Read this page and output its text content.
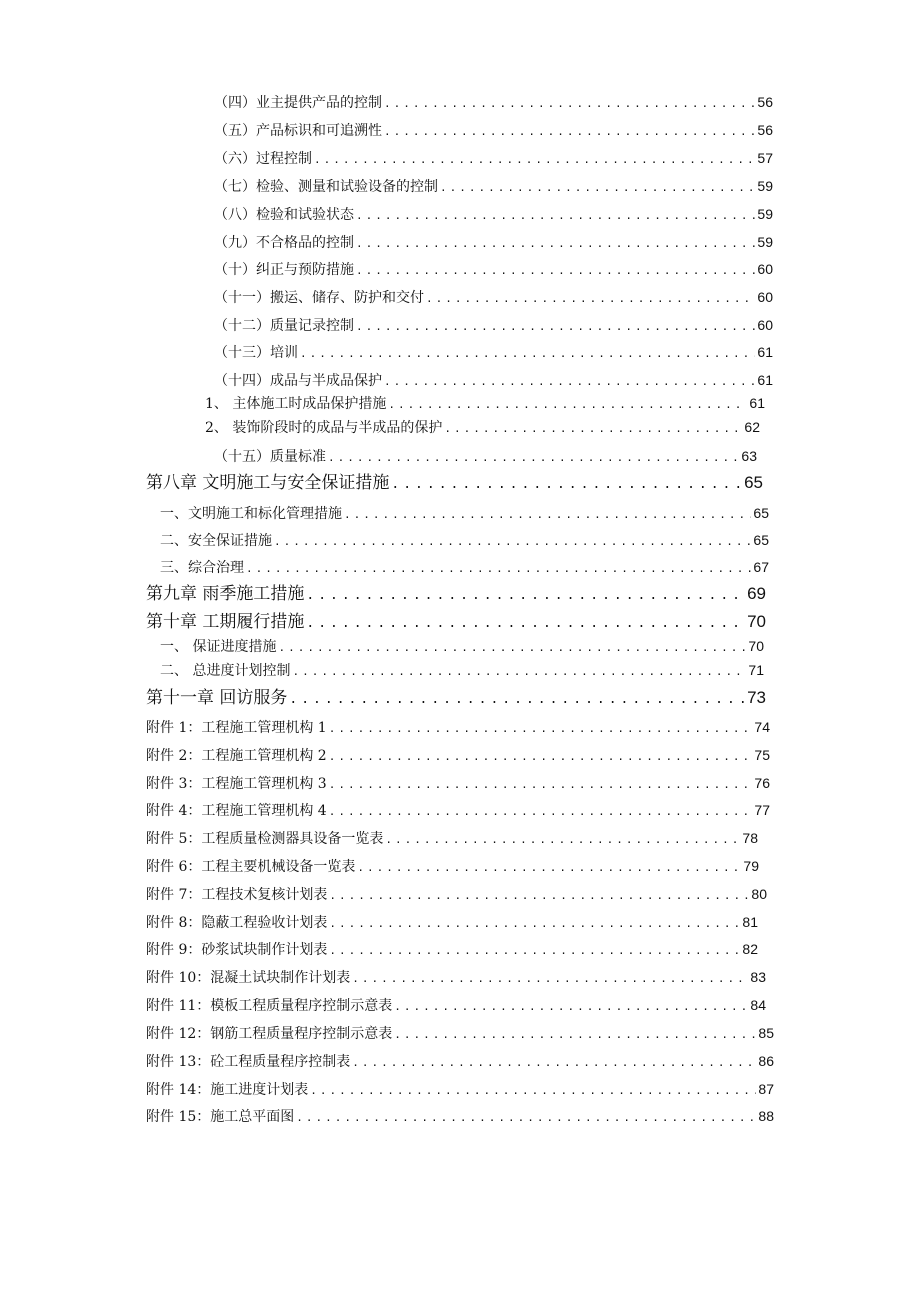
（四）业主提供产品的控制 .....	56
（五）产品标识和可追溯性 .....	56
（六）过程控制 .....	57
（七）检验、测量和试验设备的控制 .....	59
（八）检验和试验状态 .....	59
（九）不合格品的控制 .....	59
（十）纠正与预防措施 .....	60
（十一）搬运、储存、防护和交付 .....	60
（十二）质量记录控制 .....	60
（十三）培训 .....	61
（十四）成品与半成品保护 .....	61
1、 主体施工时成品保护措施 .....	61
2、 装饰阶段时的成品与半成品的保护 .....	62
（十五）质量标准 .....	63
第八章 文明施工与安全保证措施 .....	65
一、文明施工和标化管理措施 .....	65
二、安全保证措施 .....	65
三、综合治理 .....	67
第九章 雨季施工措施 .....	69
第十章 工期履行措施 .....	70
一、 保证进度措施 .....	70
二、 总进度计划控制 .....	71
第十一章 回访服务 .....	73
附件 1：工程施工管理机构 1 .....	74
附件 2：工程施工管理机构 2 .....	75
附件 3：工程施工管理机构 3 .....	76
附件 4：工程施工管理机构 4 .....	77
附件 5：工程质量检测器具设备一览表 .....	78
附件 6：工程主要机械设备一览表 .....	79
附件 7：工程技术复核计划表 .....	80
附件 8：隐蔽工程验收计划表 .....	81
附件 9：砂浆试块制作计划表 .....	82
附件 10：混凝土试块制作计划表 .....	83
附件 11：模板工程质量程序控制示意表 .....	84
附件 12：钢筋工程质量程序控制示意表 .....	85
附件 13：砼工程质量程序控制表 .....	86
附件 14：施工进度计划表 .....	87
附件 15：施工总平面图 .....	88
